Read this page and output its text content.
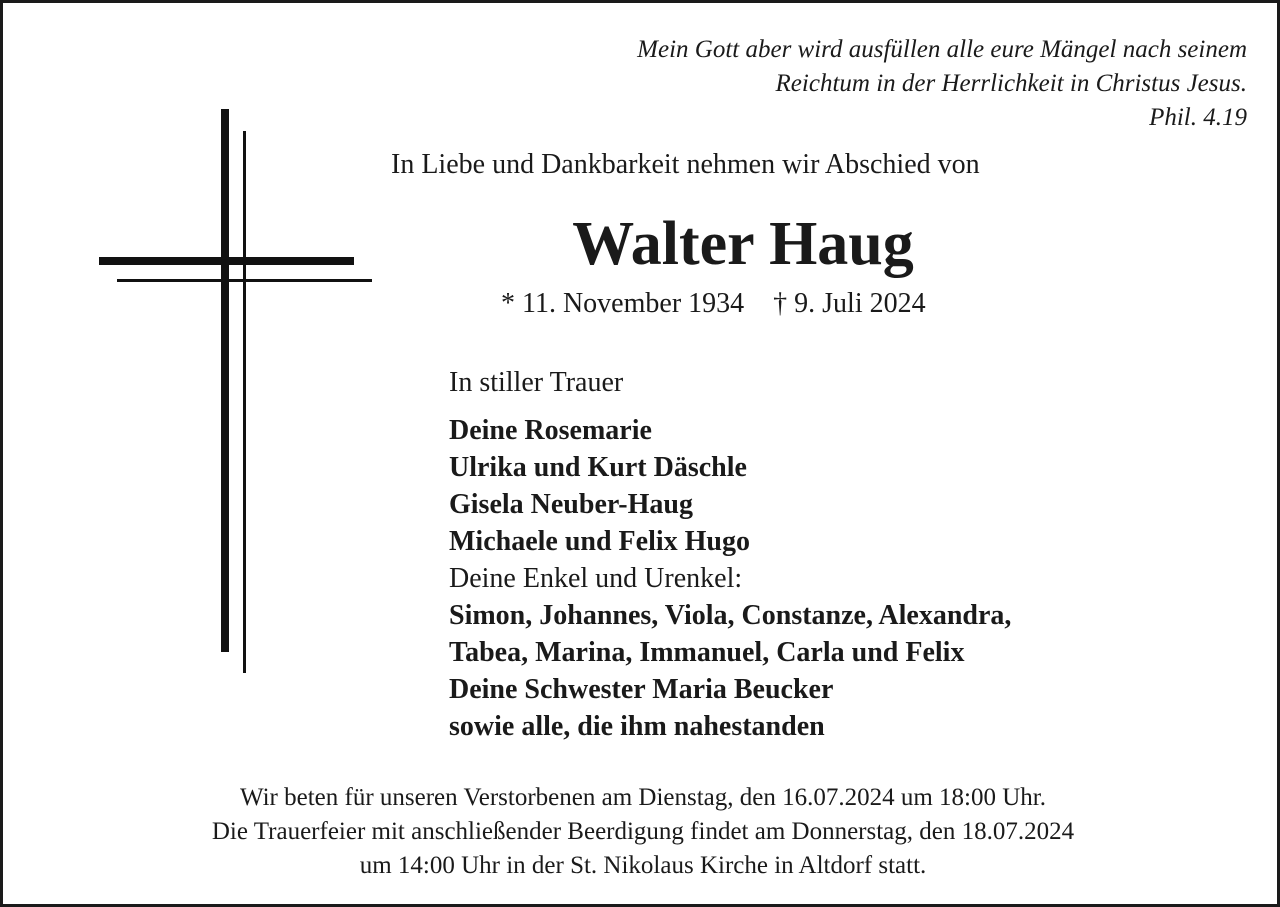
Mein Gott aber wird ausfüllen alle eure Mängel nach seinem
Reichtum in der Herrlichkeit in Christus Jesus.
Phil. 4.19
In Liebe und Dankbarkeit nehmen wir Abschied von
Walter Haug
* 11. November 1934 † 9. Juli 2024
In stiller Trauer
Deine Rosemarie
Ulrika und Kurt Däschle
Gisela Neuber-Haug
Michaele und Felix Hugo
Deine Enkel und Urenkel:
Simon, Johannes, Viola, Constanze, Alexandra,
Tabea, Marina, Immanuel, Carla und Felix
Deine Schwester Maria Beucker
sowie alle, die ihm nahestanden
Wir beten für unseren Verstorbenen am Dienstag, den 16.07.2024 um 18:00 Uhr.
Die Trauerfeier mit anschließender Beerdigung findet am Donnerstag, den 18.07.2024
um 14:00 Uhr in der St. Nikolaus Kirche in Altdorf statt.
